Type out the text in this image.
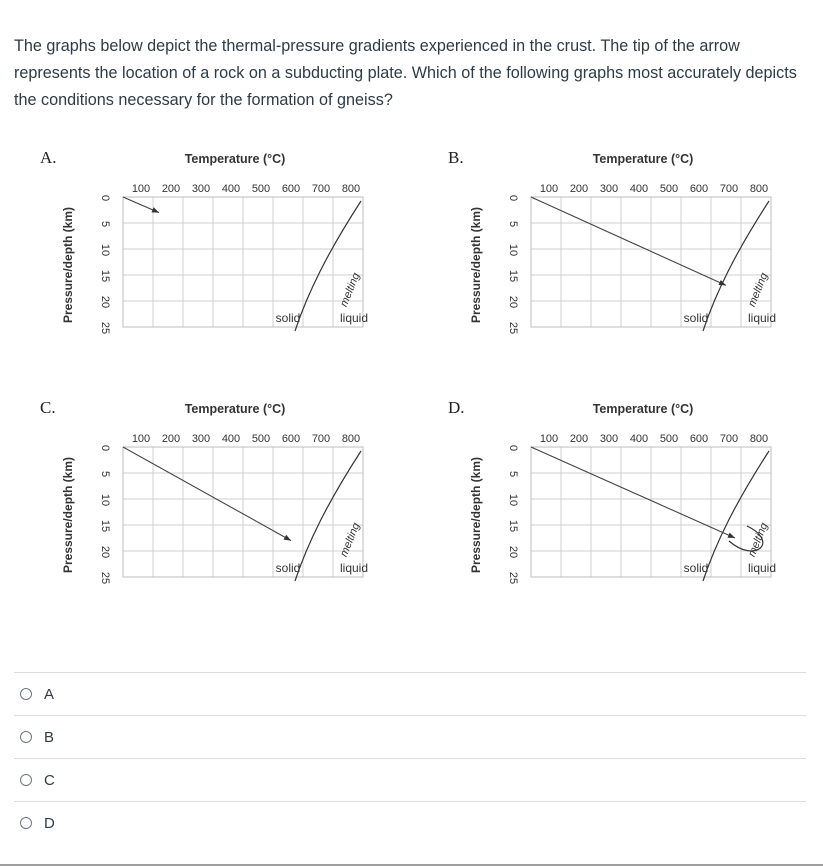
The graphs below depict the thermal-pressure gradients experienced in the crust. The tip of the arrow represents the location of a rock on a subducting plate. Which of the following graphs most accurately depicts the conditions necessary for the formation of gneiss?

A.	Temperature (°C)
100 200 300 400 500 600 700 800
0
5
10
15
20
25
Pressure/depth (km)	melting
solid	liquid
B.	Temperature (°C)
100 200 300 400 500 600 700 800
0
5
10
15
20
25
Pressure/depth (km)	melting
solid	liquid
C.	Temperature (°C)
100 200 300 400 500 600 700 800
0
5
10
15
20
25
Pressure/depth (km)	melting
solid	liquid
D.	Temperature (°C)
100 200 300 400 500 600 700 800
0
5
10
15
20
25
Pressure/depth (km)	melting
solid	liquid
A
B
C
D
